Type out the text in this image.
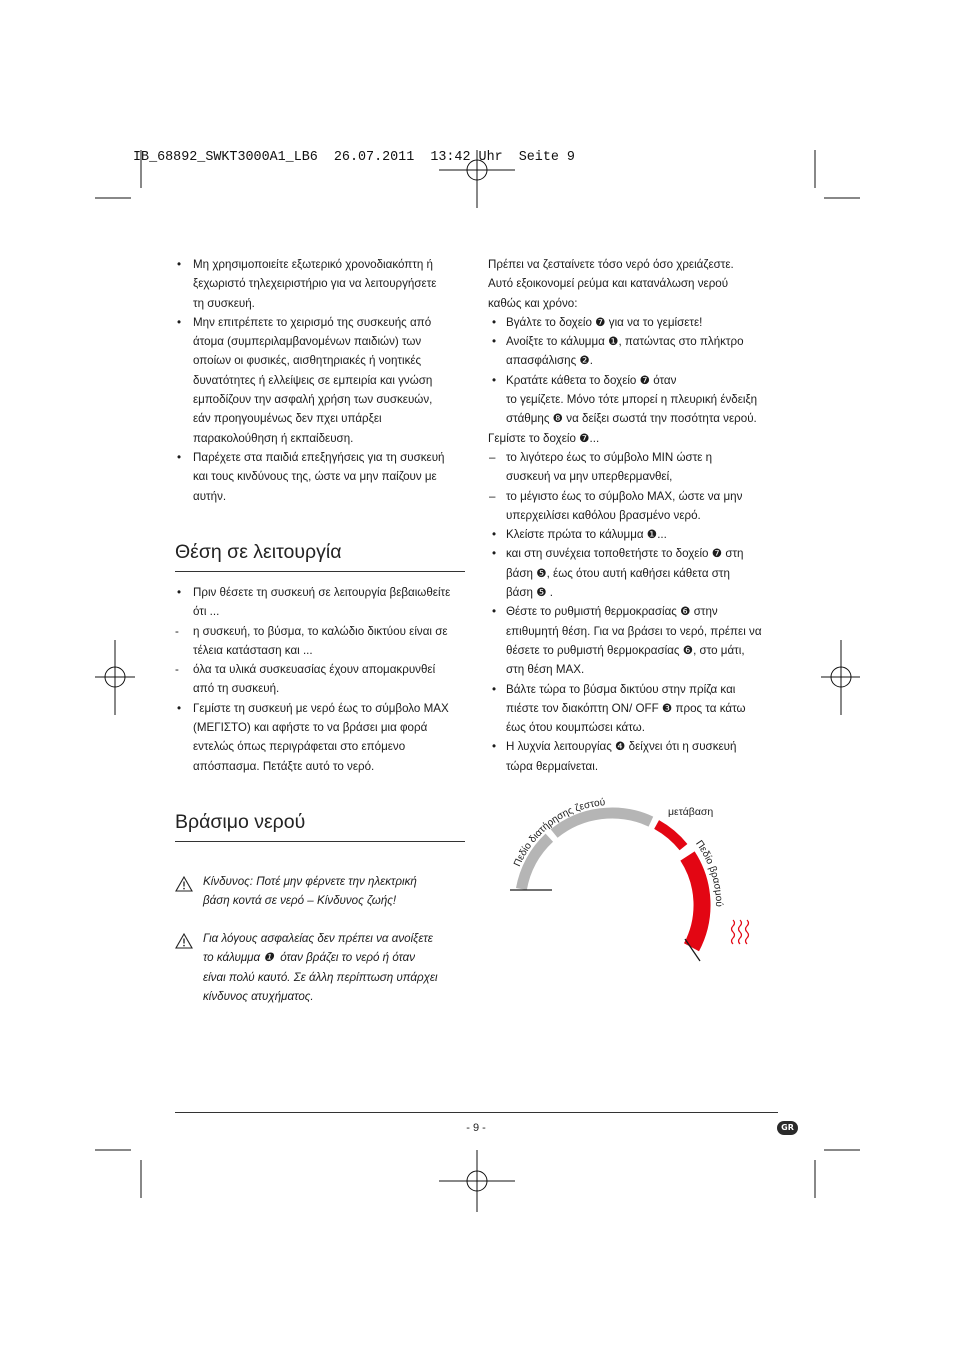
IB_68892_SWKT3000A1_LB6  26.07.2011  13:42 Uhr  Seite 9
• Μη χρησιμοποιείτε εξωτερικό χρονοδιακόπτη ή
ξεχωριστό τηλεχειριστήριο για να λειτουργήσετε
τη συσκευή.
• Μην επιτρέπετε το χειρισμό της συσκευής από
άτομα (συμπεριλαμβανομένων παιδιών) των
οποίων οι φυσικές, αισθητηριακές ή νοητικές
δυνατότητες ή ελλείψεις σε εμπειρία και γνώση
εμποδίζουν την ασφαλή χρήση των συσκευών,
εάν προηγουμένως δεν πχει υπάρξει
παρακολούθηση ή εκπαίδευση.
• Παρέχετε στα παιδιά επεξηγήσεις για τη συσκευή
και τους κινδύνους της, ώστε να μην παίζουν με
αυτήν.
Θέση σε λειτουργία
• Πριν θέσετε τη συσκευή σε λειτουργία βεβαιωθείτε
ότι ...
- η συσκευή, το βύσμα, το καλώδιο δικτύου είναι σε
τέλεια κατάσταση και ...
- όλα τα υλικά συσκευασίας έχουν απομακρυνθεί
από τη συσκευή.
• Γεμίστε τη συσκευή με νερό έως το σύμβολο MAX
(ΜΕΓΙΣΤΟ) και αφήστε το να βράσει μια φορά
εντελώς όπως περιγράφεται στο επόμενο
απόσπασμα. Πετάξτε αυτό το νερό.
Βράσιμο νερού
Κίνδυνος: Ποτέ μην φέρνετε την ηλεκτρική
βάση κοντά σε νερό – Κίνδυνος ζωής!
Για λόγους ασφαλείας δεν πρέπει να ανοίξετε
το κάλυμμα ❶  όταν βράζει το νερό ή όταν
είναι πολύ καυτό. Σε άλλη περίπτωση υπάρχει
κίνδυνος ατυχήματος.
Πρέπει να ζεσταίνετε τόσο νερό όσο χρειάζεστε.
Αυτό εξοικονομεί ρεύμα και κατανάλωση νερού
καθώς και χρόνο:
• Βγάλτε το δοχείο ❼ για να το γεμίσετε!
• Ανοίξτε το κάλυμμα ❶, πατώντας στο πλήκτρο
απασφάλισης ❷.
• Κρατάτε κάθετα το δοχείο ❼ όταν
το γεμίζετε. Μόνο τότε μπορεί η πλευρική ένδειξη
στάθμης ❽ να δείξει σωστά την ποσότητα νερού.
Γεμίστε το δοχείο ❼...
– το λιγότερο έως το σύμβολο MIN ώστε η
συσκευή να μην υπερθερμανθεί,
– το μέγιστο έως το σύμβολο MAX, ώστε να μην
υπερχειλίσει καθόλου βρασμένο νερό.
• Κλείστε πρώτα το κάλυμμα ❶...
• και στη συνέχεια τοποθετήστε το δοχείο ❼ στη
βάση ❺, έως ότου αυτή καθήσει κάθετα στη
βάση ❺ .
• Θέστε το ρυθμιστή θερμοκρασίας ❻ στην
επιθυμητή θέση. Για να βράσει το νερό, πρέπει να
θέσετε το ρυθμιστή θερμοκρασίας ❻, στο μάτι,
στη θέση MAX.
• Βάλτε τώρα το βύσμα δικτύου στην πρίζα και
πιέστε τον διακόπτη ON/ OFF ❸ προς τα κάτω
έως ότου κουμπώσει κάτω.
• Η λυχνία λειτουργίας ❹ δείχνει ότι η συσκευή
τώρα θερμαίνεται.
Πεδίο διατήρησης ζεστού
μετάβαση
Πεδίο βρασμού
- 9 -	GR
